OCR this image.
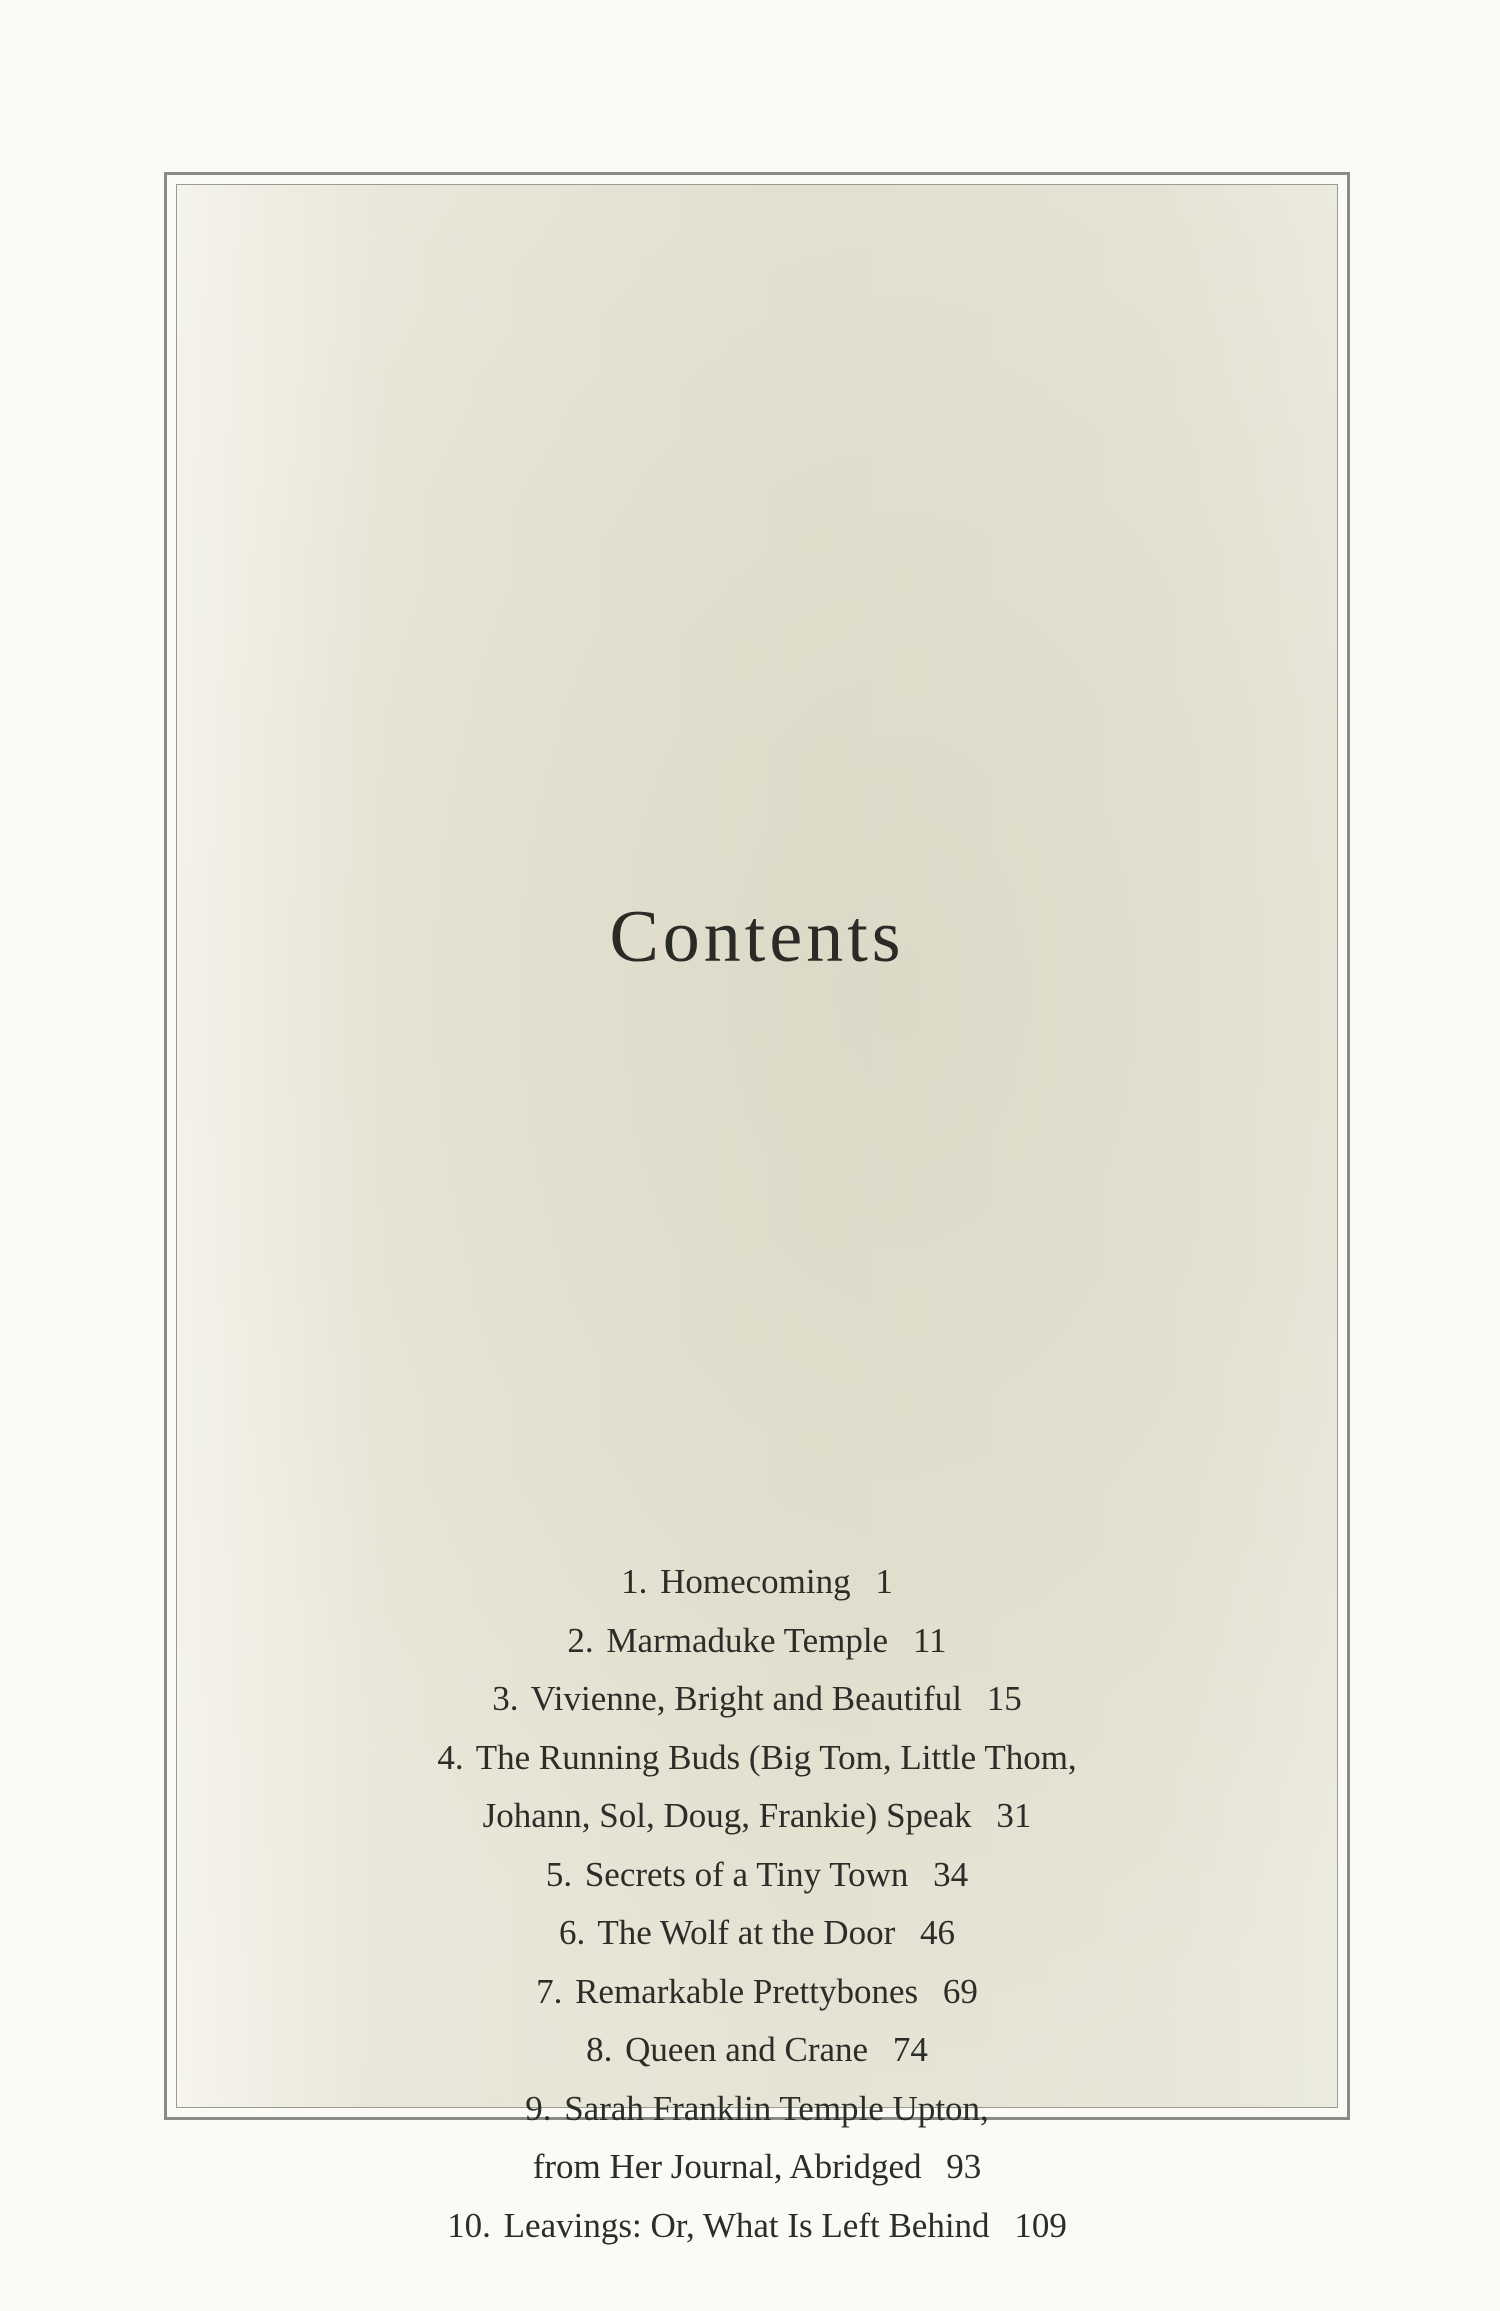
Contents
1. Homecoming 1
2. Marmaduke Temple 11
3. Vivienne, Bright and Beautiful 15
4. The Running Buds (Big Tom, Little Thom,
Johann, Sol, Doug, Frankie) Speak 31
5. Secrets of a Tiny Town 34
6. The Wolf at the Door 46
7. Remarkable Prettybones 69
8. Queen and Crane 74
9. Sarah Franklin Temple Upton,
from Her Journal, Abridged 93
10. Leavings: Or, What Is Left Behind 109
